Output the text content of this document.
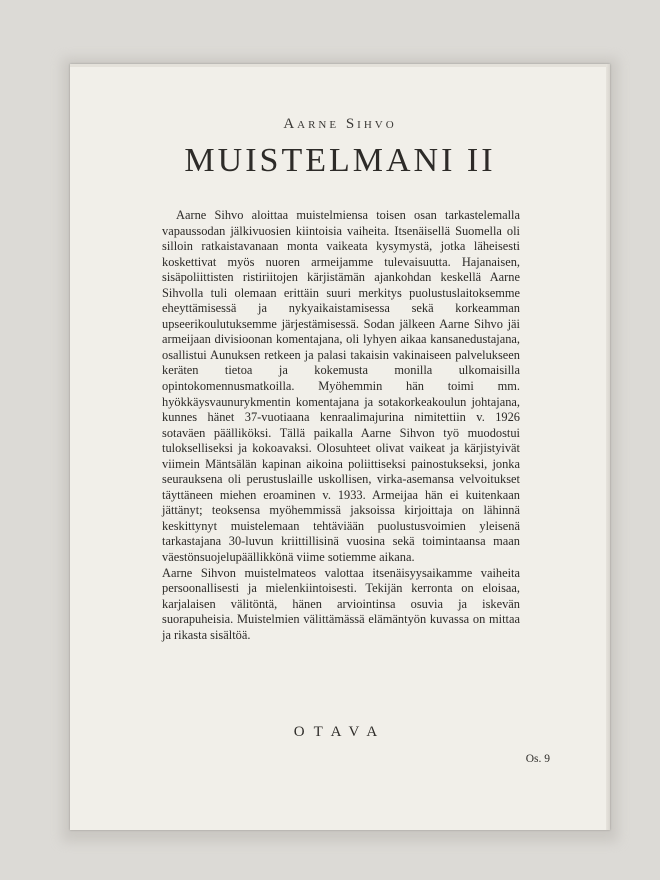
Aarne Sihvo
MUISTELMANI II

Aarne Sihvo aloittaa muistelmiensa toisen osan tarkastelemalla vapaussodan jälkivuosien kiintoisia vaiheita. Itsenäisellä Suomella oli silloin ratkaistavanaan monta vaikeata kysymystä, jotka läheisesti koskettivat myös nuoren armeijamme tulevaisuutta. Hajanaisen, sisäpoliittisten ristiriitojen kärjistämän ajankohdan keskellä Aarne Sihvolla tuli olemaan erittäin suuri merkitys puolustuslaitoksemme eheyttämisessä ja nykyaikaistamisessa sekä korkeamman upseerikoulutuksemme järjestämisessä. Sodan jälkeen Aarne Sihvo jäi armeijaan divisioonan komentajana, oli lyhyen aikaa kansanedustajana, osallistui Aunuksen retkeen ja palasi takaisin vakinaiseen palvelukseen keräten tietoa ja kokemusta monilla ulkomaisilla opintokomennusmatkoilla. Myöhemmin hän toimi mm. hyökkäysvaunurykmentin komentajana ja sotakorkeakoulun johtajana, kunnes hänet 37-vuotiaana kenraalimajurina nimitettiin v. 1926 sotaväen päälliköksi. Tällä paikalla Aarne Sihvon työ muodostui tulokselliseksi ja kokoavaksi. Olosuhteet olivat vaikeat ja kärjistyivät viimein Mäntsälän kapinan aikoina poliittiseksi painostukseksi, jonka seurauksena oli perustuslaille uskollisen, virka-asemansa velvoitukset täyttäneen miehen eroaminen v. 1933. Armeijaa hän ei kuitenkaan jättänyt; teoksensa myöhemmissä jaksoissa kirjoittaja on lähinnä keskittynyt muistelemaan tehtäviään puolustusvoimien yleisenä tarkastajana 30-luvun kriittillisinä vuosina sekä toimintaansa maan väestönsuojelupäällikkönä viime sotiemme aikana.

Aarne Sihvon muistelmateos valottaa itsenäisyysaikamme vaiheita persoonallisesti ja mielenkiintoisesti. Tekijän kerronta on eloisaa, karjalaisen välitöntä, hänen arviointinsa osuvia ja iskevän suorapuheisia. Muistelmien välittämässä elämäntyön kuvassa on mittaa ja rikasta sisältöä.

OTAVA
Os. 9
